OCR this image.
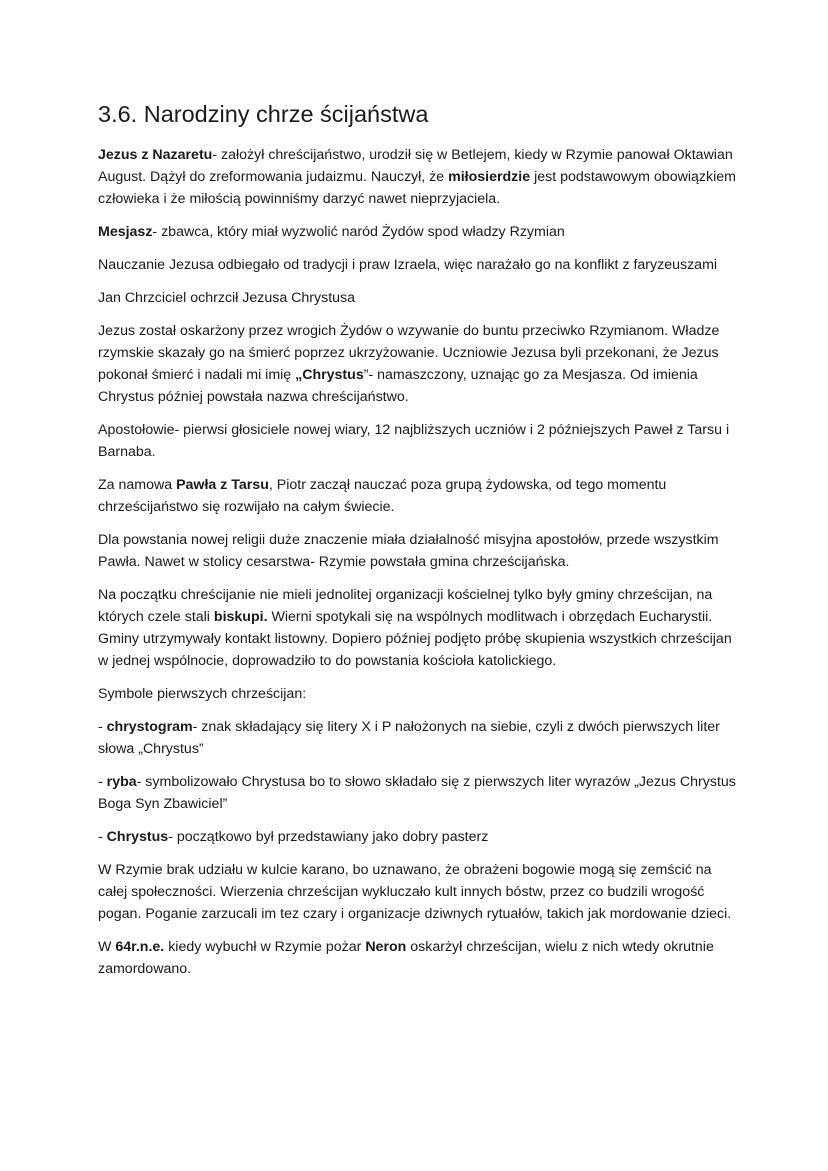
3.6. Narodziny chrze ścijaństwa

Jezus z Nazaretu- założył chreścijaństwo, urodził się w Betlejem, kiedy w Rzymie panował Oktawian August. Dążył do zreformowania judaizmu. Nauczył, że miłosierdzie jest podstawowym obowiązkiem człowieka i że miłością powinniśmy darzyć nawet nieprzyjaciela.

Mesjasz- zbawca, który miał wyzwolić naród Żydów spod władzy Rzymian

Nauczanie Jezusa odbiegało od tradycji i praw Izraela, więc narażało go na konflikt z faryzeuszami

Jan Chrzciciel ochrzcił Jezusa Chrystusa

Jezus został oskarżony przez wrogich Żydów o wzywanie do buntu przeciwko Rzymianom. Władze rzymskie skazały go na śmierć poprzez ukrzyżowanie. Uczniowie Jezusa byli przekonani, że Jezus pokonał śmierć i nadali mi imię „Chrystus”- namaszczony, uznając go za Mesjasza. Od imienia Chrystus później powstała nazwa chreścijaństwo.

Apostołowie- pierwsi głosiciele nowej wiary, 12 najbliższych uczniów i 2 późniejszych Paweł z Tarsu i Barnaba.

Za namowa Pawła z Tarsu, Piotr zaczął nauczać poza grupą żydowska, od tego momentu chrześcijaństwo się rozwijało na całym świecie.

Dla powstania nowej religii duże znaczenie miała działalność misyjna apostołów, przede wszystkim Pawła. Nawet w stolicy cesarstwa- Rzymie powstała gmina chrześcijańska.

Na początku chreścijanie nie mieli jednolitej organizacji kościelnej tylko były gminy chrześcijan, na których czele stali biskupi. Wierni spotykali się na wspólnych modlitwach i obrzędach Eucharystii. Gminy utrzymywały kontakt listowny. Dopiero później podjęto próbę skupienia wszystkich chrześcijan w jednej wspólnocie, doprowadziło to do powstania kościoła katolickiego.

Symbole pierwszych chrześcijan:

- chrystogram- znak składający się litery X i P nałożonych na siebie, czyli z dwóch pierwszych liter słowa „Chrystus”

- ryba- symbolizowało Chrystusa bo to słowo składało się z pierwszych liter wyrazów „Jezus Chrystus Boga Syn Zbawiciel”

- Chrystus- początkowo był przedstawiany jako dobry pasterz

W Rzymie brak udziału w kulcie karano, bo uznawano, że obrażeni bogowie mogą się zemścić na całej społeczności. Wierzenia chrześcijan wykluczało kult innych bóstw, przez co budzili wrogość pogan. Poganie zarzucali im tez czary i organizacje dziwnych rytuałów, takich jak mordowanie dzieci.

W 64r.n.e. kiedy wybuchł w Rzymie pożar Neron oskarżył chrześcijan, wielu z nich wtedy okrutnie zamordowano.
